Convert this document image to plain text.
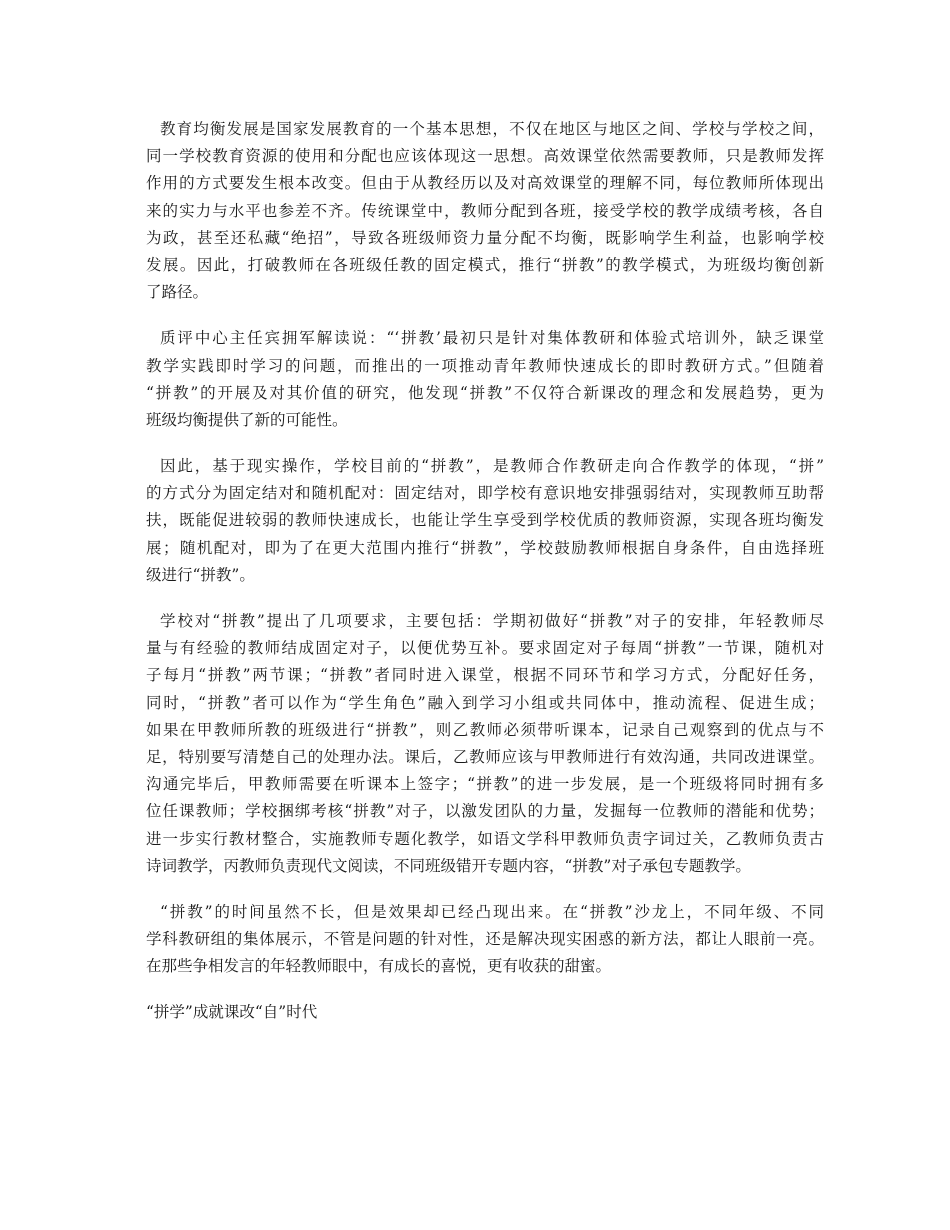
教育均衡发展是国家发展教育的一个基本思想，不仅在地区与地区之间、学校与学校之间，
同一学校教育资源的使用和分配也应该体现这一思想。高效课堂依然需要教师，只是教师发挥
作用的方式要发生根本改变。但由于从教经历以及对高效课堂的理解不同，每位教师所体现出
来的实力与水平也参差不齐。传统课堂中，教师分配到各班，接受学校的教学成绩考核，各自
为政，甚至还私藏“绝招”，导致各班级师资力量分配不均衡，既影响学生利益，也影响学校
发展。因此，打破教师在各班级任教的固定模式，推行“拼教”的教学模式，为班级均衡创新
了路径。
质评中心主任宾拥军解读说：“‘拼教’最初只是针对集体教研和体验式培训外，缺乏课堂
教学实践即时学习的问题，而推出的一项推动青年教师快速成长的即时教研方式。”但随着
“拼教”的开展及对其价值的研究，他发现“拼教”不仅符合新课改的理念和发展趋势，更为
班级均衡提供了新的可能性。
因此，基于现实操作，学校目前的“拼教”，是教师合作教研走向合作教学的体现，“拼”
的方式分为固定结对和随机配对：固定结对，即学校有意识地安排强弱结对，实现教师互助帮
扶，既能促进较弱的教师快速成长，也能让学生享受到学校优质的教师资源，实现各班均衡发
展；随机配对，即为了在更大范围内推行“拼教”，学校鼓励教师根据自身条件，自由选择班
级进行“拼教”。
学校对“拼教”提出了几项要求，主要包括：学期初做好“拼教”对子的安排，年轻教师尽
量与有经验的教师结成固定对子，以便优势互补。要求固定对子每周“拼教”一节课，随机对
子每月“拼教”两节课；“拼教”者同时进入课堂，根据不同环节和学习方式，分配好任务，
同时，“拼教”者可以作为“学生角色”融入到学习小组或共同体中，推动流程、促进生成；
如果在甲教师所教的班级进行“拼教”，则乙教师必须带听课本，记录自己观察到的优点与不
足，特别要写清楚自己的处理办法。课后，乙教师应该与甲教师进行有效沟通，共同改进课堂。
沟通完毕后，甲教师需要在听课本上签字；“拼教”的进一步发展，是一个班级将同时拥有多
位任课教师；学校捆绑考核“拼教”对子，以激发团队的力量，发掘每一位教师的潜能和优势；
进一步实行教材整合，实施教师专题化教学，如语文学科甲教师负责字词过关，乙教师负责古
诗词教学，丙教师负责现代文阅读，不同班级错开专题内容，“拼教”对子承包专题教学。
“拼教”的时间虽然不长，但是效果却已经凸现出来。在“拼教”沙龙上，不同年级、不同
学科教研组的集体展示，不管是问题的针对性，还是解决现实困惑的新方法，都让人眼前一亮。
在那些争相发言的年轻教师眼中，有成长的喜悦，更有收获的甜蜜。
“拼学”成就课改“自”时代
